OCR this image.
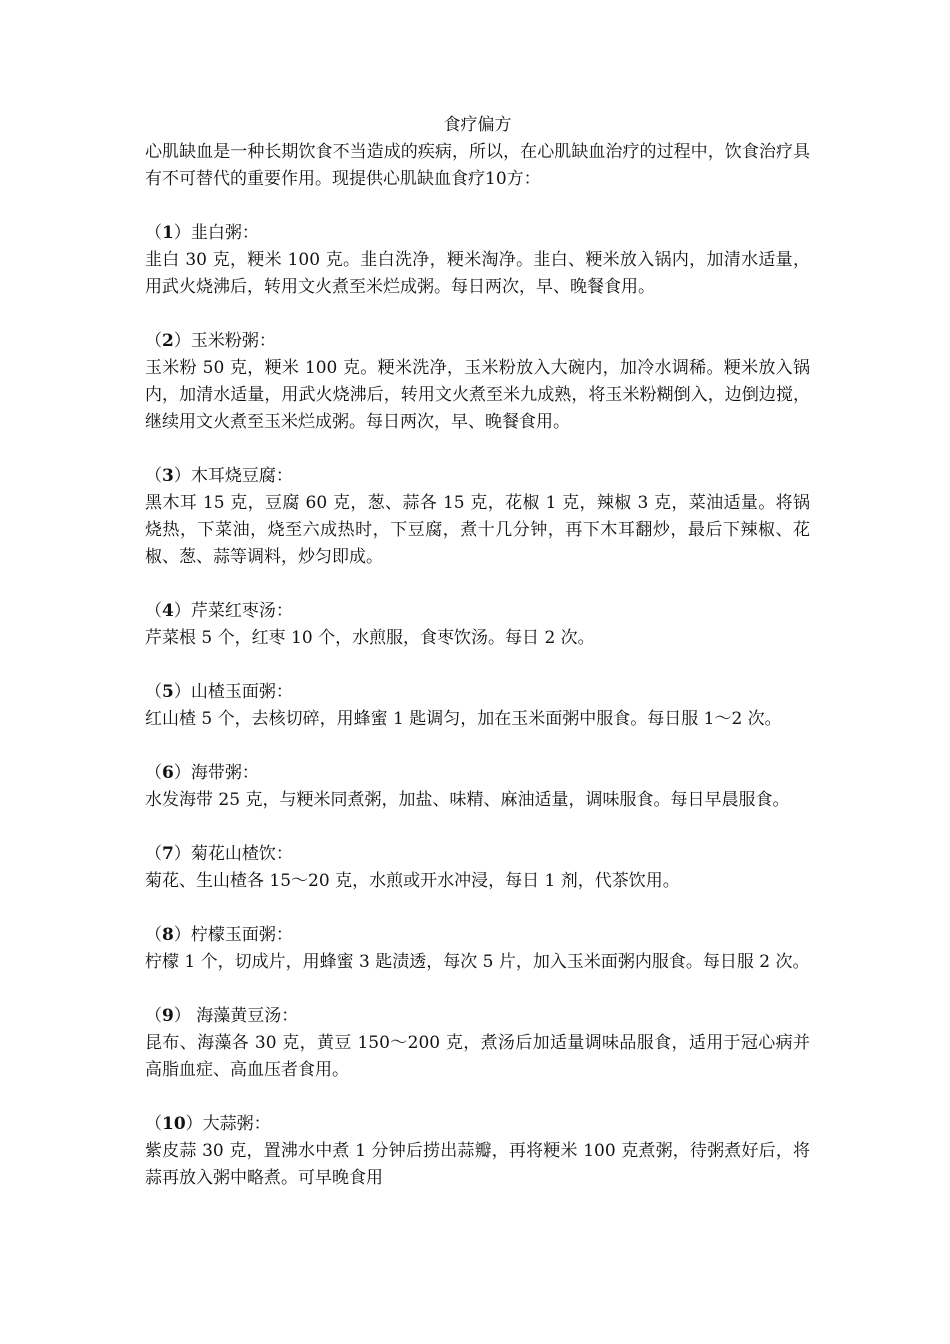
食疗偏方

心肌缺血是一种长期饮食不当造成的疾病，所以，在心肌缺血治疗的过程中，饮食治疗具有不可替代的重要作用。现提供心肌缺血食疗10方：

（1）韭白粥：

韭白 30 克，粳米 100 克。韭白洗净，粳米淘净。韭白、粳米放入锅内，加清水适量，用武火烧沸后，转用文火煮至米烂成粥。每日两次，早、晚餐食用。

（2）玉米粉粥：

玉米粉 50 克，粳米 100 克。粳米洗净，玉米粉放入大碗内，加冷水调稀。粳米放入锅内，加清水适量，用武火烧沸后，转用文火煮至米九成熟，将玉米粉糊倒入，边倒边搅，继续用文火煮至玉米烂成粥。每日两次，早、晚餐食用。

（3）木耳烧豆腐：

黑木耳 15 克，豆腐 60 克，葱、蒜各 15 克，花椒 1 克，辣椒 3 克，菜油适量。将锅烧热，下菜油，烧至六成热时，下豆腐，煮十几分钟，再下木耳翻炒，最后下辣椒、花椒、葱、蒜等调料，炒匀即成。

（4）芹菜红枣汤：

芹菜根 5 个，红枣 10 个，水煎服，食枣饮汤。每日 2 次。

（5）山楂玉面粥：

红山楂 5 个，去核切碎，用蜂蜜 1 匙调匀，加在玉米面粥中服食。每日服 1～2 次。

（6）海带粥：

水发海带 25 克，与粳米同煮粥，加盐、味精、麻油适量，调味服食。每日早晨服食。

（7）菊花山楂饮：

菊花、生山楂各 15～20 克，水煎或开水冲浸，每日 1 剂，代茶饮用。

（8）柠檬玉面粥：

柠檬 1 个，切成片，用蜂蜜 3 匙渍透，每次 5 片，加入玉米面粥内服食。每日服 2 次。

（9） 海藻黄豆汤：

昆布、海藻各 30 克，黄豆 150～200 克，煮汤后加适量调味品服食，适用于冠心病并高脂血症、高血压者食用。

（10）大蒜粥：

紫皮蒜 30 克，置沸水中煮 1 分钟后捞出蒜瓣，再将粳米 100 克煮粥，待粥煮好后，将蒜再放入粥中略煮。可早晚食用
